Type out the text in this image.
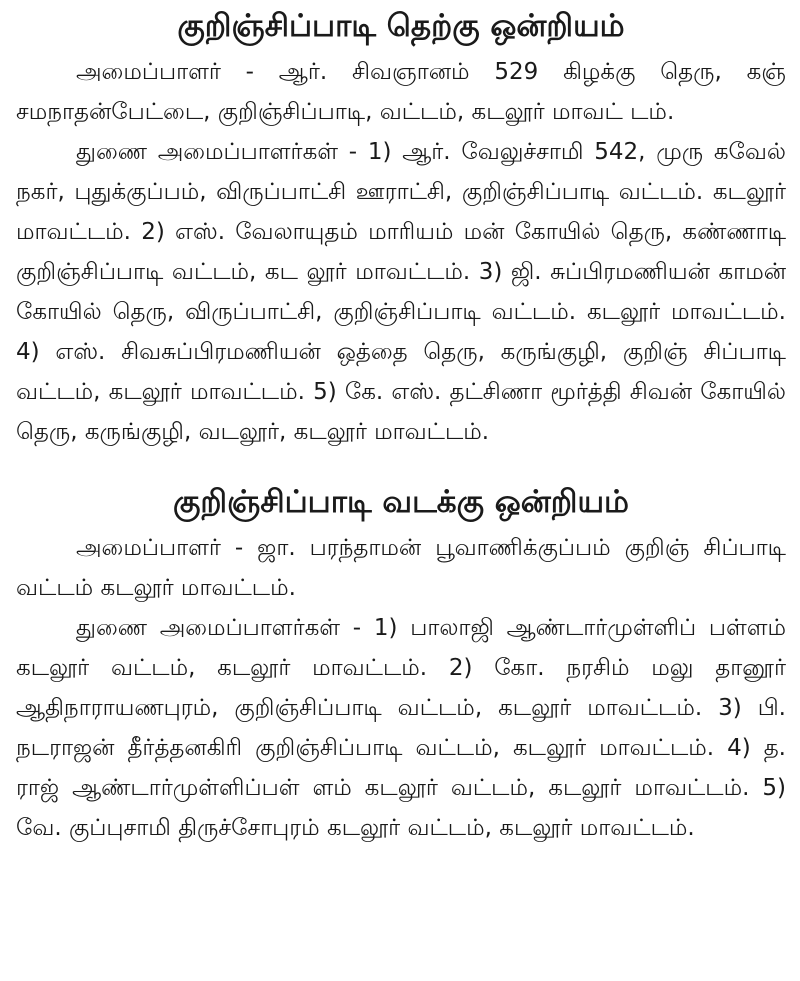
குறிஞ்சிப்பாடி தெற்கு ஒன்றியம்

அமைப்பாளர் - ஆர். சிவஞானம் 529 கிழக்கு தெரு, கஞ் சமநாதன்பேட்டை, குறிஞ்சிப்பாடி, வட்டம், கடலூர் மாவட் டம்.

துணை அமைப்பாளர்கள் - 1) ஆர். வேலுச்சாமி 542, முரு கவேல் நகர், புதுக்குப்பம், விருப்பாட்சி ஊராட்சி, குறிஞ்சிப்பாடி வட்டம். கடலூர் மாவட்டம். 2) எஸ். வேலாயுதம் மாரியம் மன் கோயில் தெரு, கண்ணாடி குறிஞ்சிப்பாடி வட்டம், கட லூர் மாவட்டம். 3) ஜி. சுப்பிரமணியன் காமன் கோயில் தெரு, விருப்பாட்சி, குறிஞ்சிப்பாடி வட்டம். கடலூர் மாவட்டம். 4) எஸ். சிவசுப்பிரமணியன் ஒத்தை தெரு, கருங்குழி, குறிஞ் சிப்பாடி வட்டம், கடலூர் மாவட்டம். 5) கே. எஸ். தட்சிணா மூர்த்தி சிவன் கோயில் தெரு, கருங்குழி, வடலூர், கடலூர் மாவட்டம்.

குறிஞ்சிப்பாடி வடக்கு ஒன்றியம்

அமைப்பாளர் - ஜா. பரந்தாமன் பூவாணிக்குப்பம் குறிஞ் சிப்பாடி வட்டம் கடலூர் மாவட்டம்.

துணை அமைப்பாளர்கள் - 1) பாலாஜி ஆண்டார்முள்ளிப் பள்ளம் கடலூர் வட்டம், கடலூர் மாவட்டம். 2) கோ. நரசிம் மலு தானூர் ஆதிநாராயணபுரம், குறிஞ்சிப்பாடி வட்டம், கடலூர் மாவட்டம். 3) பி. நடராஜன் தீர்த்தனகிரி குறிஞ்சிப்பாடி வட்டம், கடலூர் மாவட்டம். 4) த. ராஜ் ஆண்டார்முள்ளிப்பள் ளம் கடலூர் வட்டம், கடலூர் மாவட்டம். 5) வே. குப்புசாமி திருச்சோபுரம் கடலூர் வட்டம், கடலூர் மாவட்டம்.
